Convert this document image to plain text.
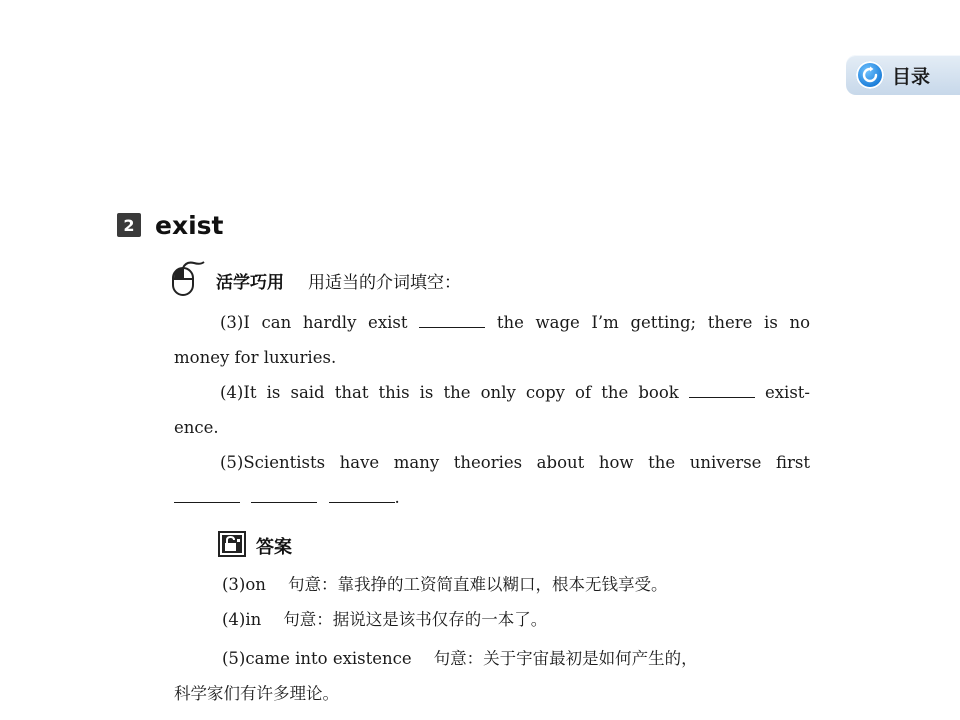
目录
2 exist
活学巧用 用适当的介词填空：
(3)I can hardly exist	the wage I’m getting; there is no
money for luxuries.
(4)It is said that this is the only copy of the book	exist-
ence.
(5)Scientists have many theories about how the universe first
.
答案
(3)on 句意：靠我挣的工资简直难以糊口，根本无钱享受。
(4)in 句意：据说这是该书仅存的一本了。
(5)came into existence 句意：关于宇宙最初是如何产生的，
科学家们有许多理论。
